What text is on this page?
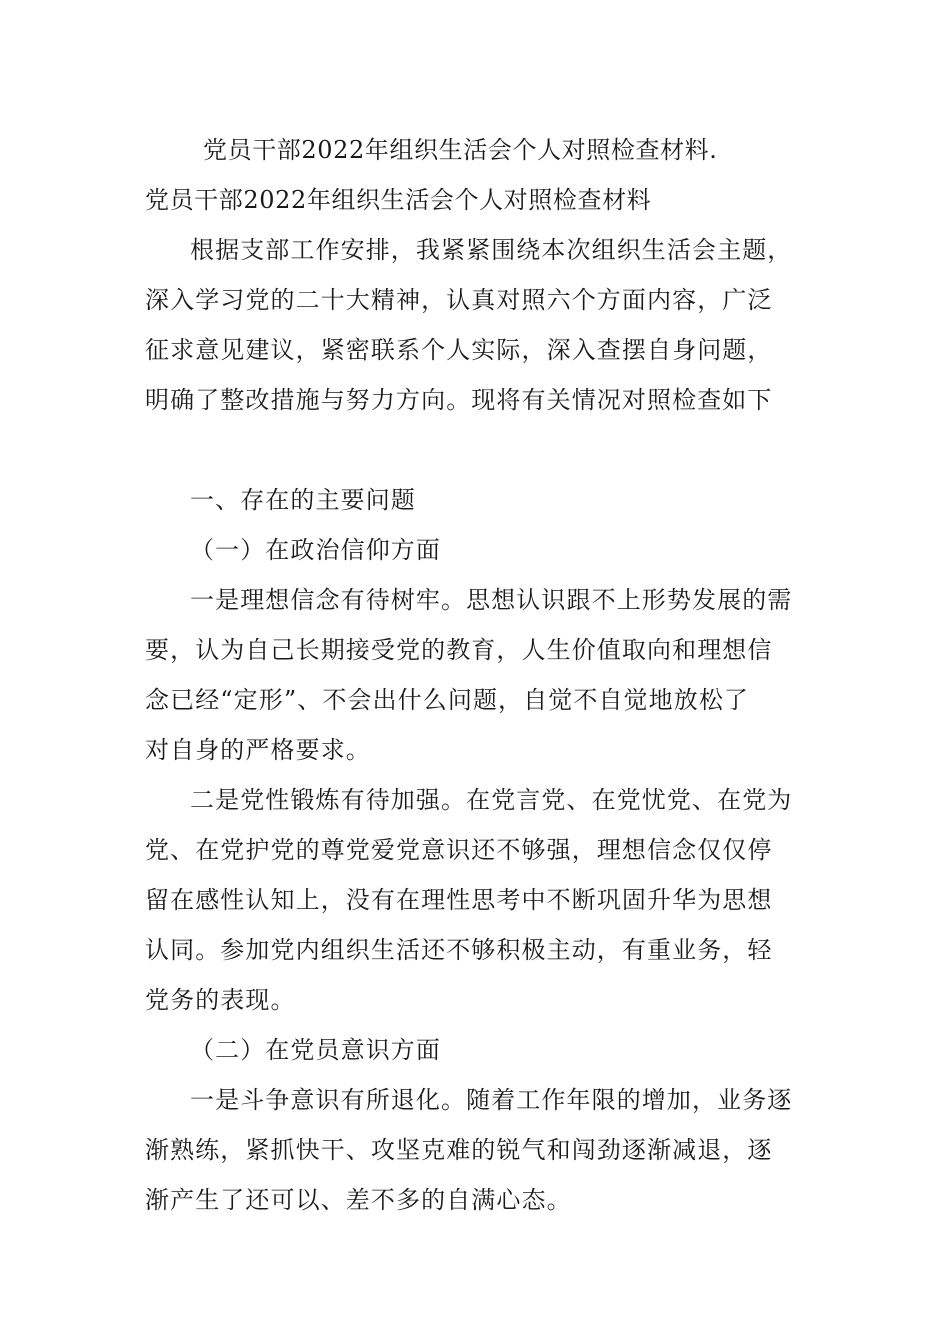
党员干部2022年组织生活会个人对照检查材料.
党员干部2022年组织生活会个人对照检查材料
根据支部工作安排，我紧紧围绕本次组织生活会主题，
深入学习党的二十大精神，认真对照六个方面内容，广泛
征求意见建议，紧密联系个人实际，深入查摆自身问题，
明确了整改措施与努力方向。现将有关情况对照检查如下
一、存在的主要问题
（一）在政治信仰方面
一是理想信念有待树牢。思想认识跟不上形势发展的需
要，认为自己长期接受党的教育，人生价值取向和理想信
念已经“定形”、不会出什么问题，自觉不自觉地放松了
对自身的严格要求。
二是党性锻炼有待加强。在党言党、在党忧党、在党为
党、在党护党的尊党爱党意识还不够强，理想信念仅仅停
留在感性认知上，没有在理性思考中不断巩固升华为思想
认同。参加党内组织生活还不够积极主动，有重业务，轻
党务的表现。
（二）在党员意识方面
一是斗争意识有所退化。随着工作年限的增加，业务逐
渐熟练，紧抓快干、攻坚克难的锐气和闯劲逐渐减退，逐
渐产生了还可以、差不多的自满心态。
